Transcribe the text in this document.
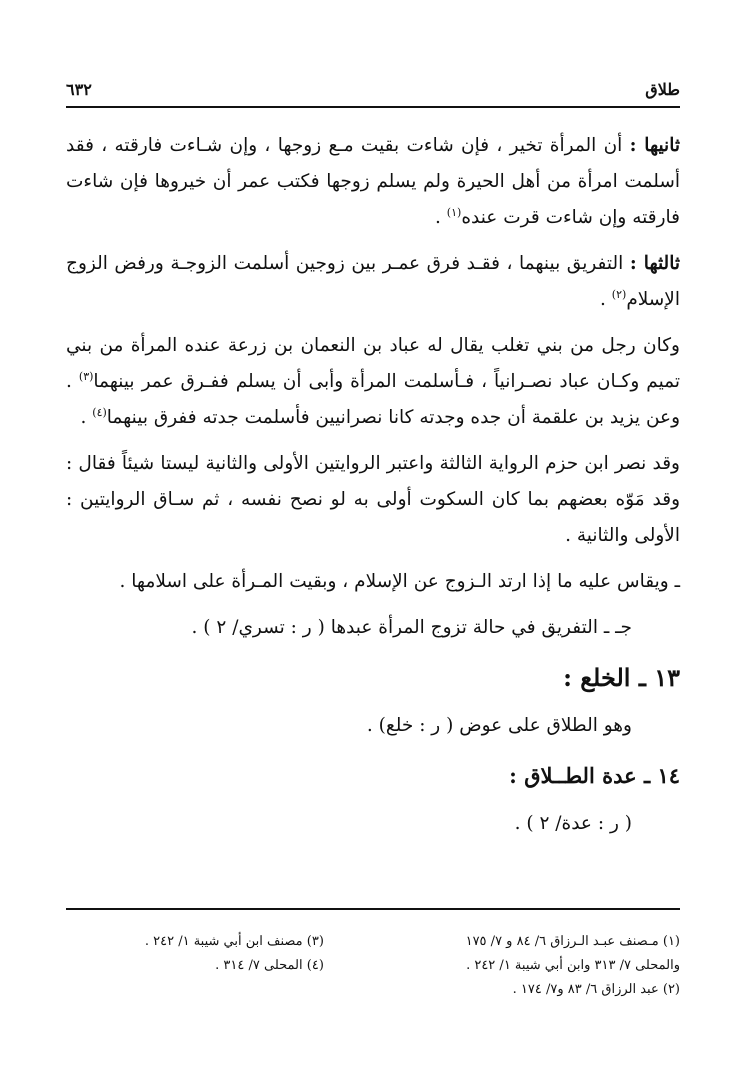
طلاق
٦٣٢

ثانيها : أن المرأة تخير ، فإن شاءت بقيت مـع زوجها ، وإن شـاءت فارقته ، فقد أسلمت امرأة من أهل الحيرة ولم يسلم زوجها فكتب عمر أن خيروها فإن شاءت فارقته وإن شاءت قرت عنده$^{(١)}$ .

ثالثها : التفريق بينهما ، فقـد فرق عمـر بين زوجين أسلمت الزوجـة ورفض الزوج الإسلام$^{(٢)}$ .

وكان رجل من بني تغلب يقال له عباد بن النعمان بن زرعة عنده المرأة من بني تميم وكـان عباد نصـرانياً ، فـأسلمت المرأة وأبى أن يسلم ففـرق عمر بينهما$^{(٣)}$ . وعن يزيد بن علقمة أن جده وجدته كانا نصرانيين فأسلمت جدته ففرق بينهما$^{(٤)}$ .

وقد نصر ابن حزم الرواية الثالثة واعتبر الروايتين الأولى والثانية ليستا شيئاً فقال : وقد مَوّه بعضهم بما كان السكوت أولى به لو نصح نفسه ، ثم سـاق الروايتين : الأولى والثانية .

ـ ويقاس عليه ما إذا ارتد الـزوج عن الإسلام ، وبقيت المـرأة على اسلامها .

جـ ـ التفريق في حالة تزوج المرأة عبدها ( ر : تسري/ ٢ ) .

١٣ ـ الخلع :

وهو الطلاق على عوض ( ر : خلع) .

١٤ ـ عدة الطــلاق :

( ر : عدة/ ٢ ) .

(١) مـصنف عبـد الـرزاق ٦/ ٨٤ و ٧/ ١٧٥
(٣) مصنف ابن أبي شيبة ١/ ٢٤٢ .
والمحلى ٧/ ٣١٣ وابن أبي شيبة ١/ ٢٤٢ .
(٤) المحلى ٧/ ٣١٤ .
(٢) عبد الرزاق ٦/ ٨٣ و٧/ ١٧٤ .
